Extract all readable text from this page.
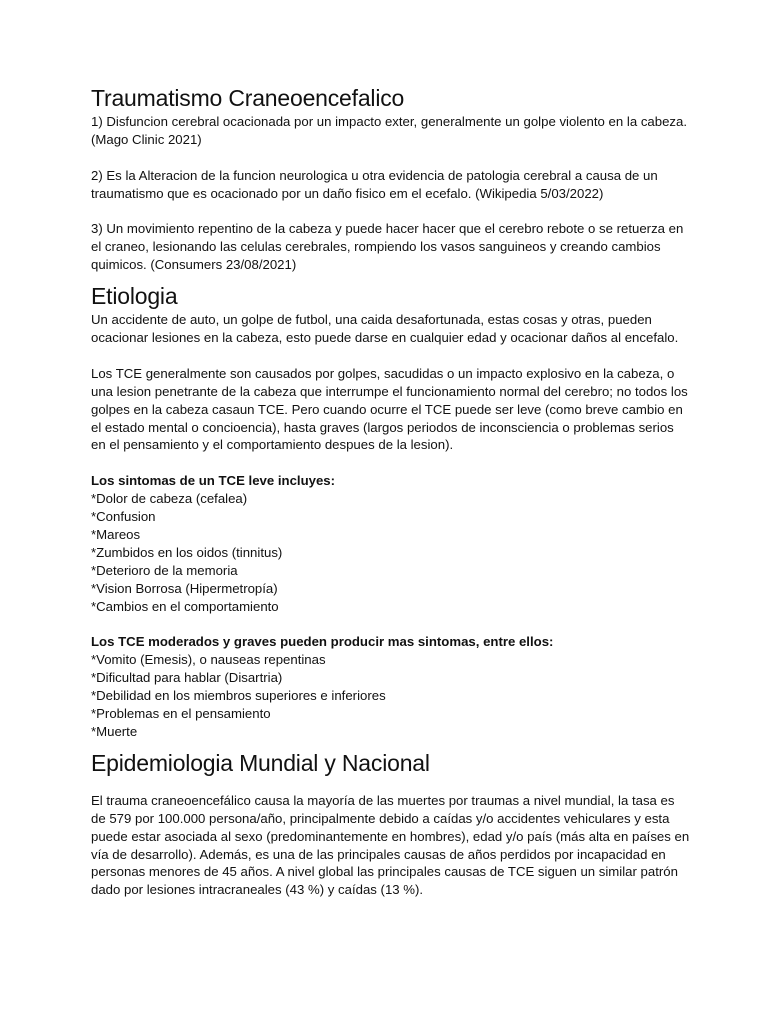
Traumatismo Craneoencefalico

1) Disfuncion cerebral ocacionada por un impacto exter, generalmente un golpe violento en la cabeza. (Mago Clinic 2021)

2) Es la Alteracion de la funcion neurologica u otra evidencia de patologia cerebral a causa de un traumatismo que es ocacionado por un daño fisico em el ecefalo. (Wikipedia 5/03/2022)

3) Un movimiento repentino de la cabeza y puede hacer hacer que el cerebro rebote o se retuerza en el craneo, lesionando las celulas cerebrales, rompiendo los vasos sanguineos y creando cambios quimicos. (Consumers 23/08/2021)

Etiologia

Un accidente de auto, un golpe de futbol, una caida desafortunada, estas cosas y otras, pueden ocacionar lesiones en la cabeza, esto puede darse en cualquier edad y ocacionar daños al encefalo.

Los TCE generalmente son causados por golpes, sacudidas o un impacto explosivo en la cabeza, o una lesion penetrante de la cabeza que interrumpe el funcionamiento normal del cerebro; no todos los golpes en la cabeza casaun TCE. Pero cuando ocurre el TCE puede ser leve (como breve cambio en el estado mental o concioencia), hasta graves (largos periodos de inconsciencia o problemas serios en el pensamiento y el comportamiento despues de la lesion).

Los sintomas de un TCE leve incluyes:

*Dolor de cabeza (cefalea)
*Confusion
*Mareos
*Zumbidos en los oidos (tinnitus)
*Deterioro de la memoria
*Vision Borrosa (Hipermetropía)
*Cambios en el comportamiento

Los TCE moderados y graves pueden producir mas sintomas, entre ellos:

*Vomito (Emesis), o nauseas repentinas
*Dificultad para hablar (Disartria)
*Debilidad en los miembros superiores e inferiores
*Problemas en el pensamiento
*Muerte
Epidemiologia Mundial y Nacional

El trauma craneoencefálico causa la mayoría de las muertes por traumas a nivel mundial, la tasa es de 579 por 100.000 persona/año, principalmente debido a caídas y/o accidentes vehiculares y esta puede estar asociada al sexo (predominantemente en hombres), edad y/o país (más alta en países en vía de desarrollo). Además, es una de las principales causas de años perdidos por incapacidad en personas menores de 45 años. A nivel global las principales causas de TCE siguen un similar patrón dado por lesiones intracraneales (43 %) y caídas (13 %).
